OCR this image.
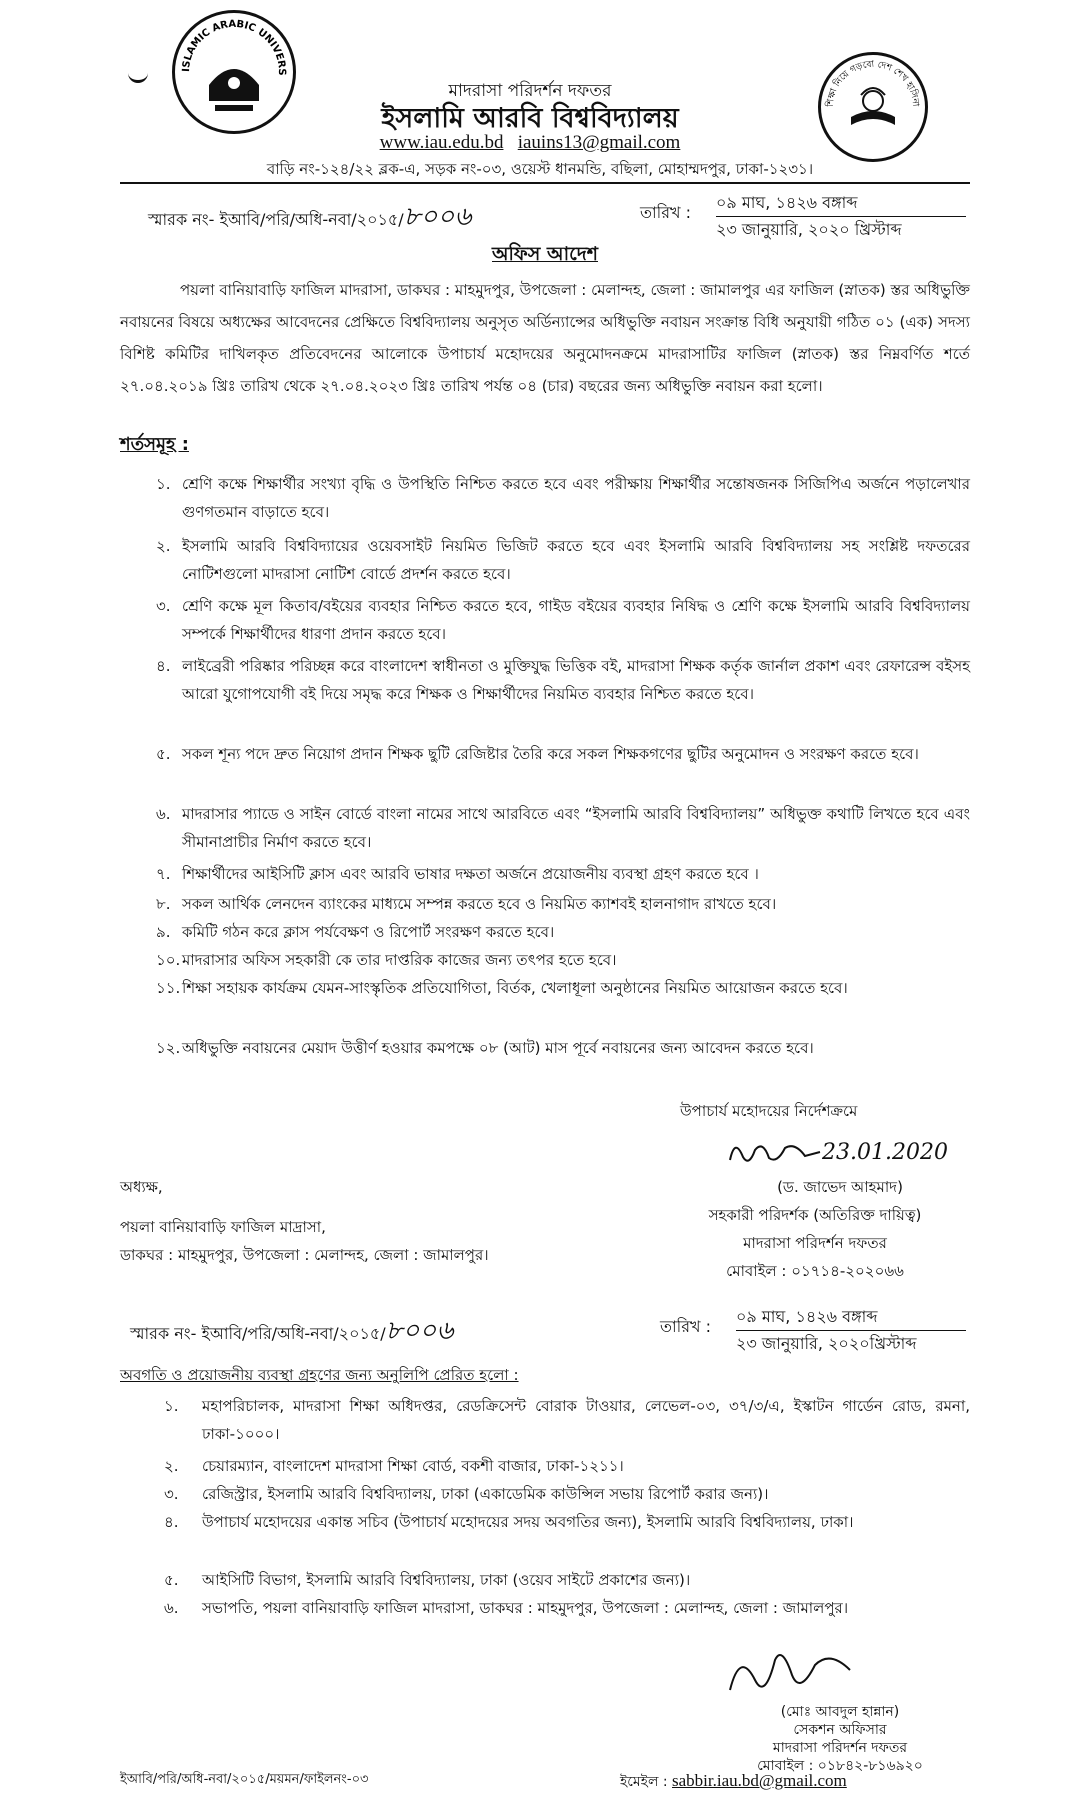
ISLAMIC ARABIC UNIVERS
শিক্ষা নিয়ে গড়বো দেশ শেখ হাসিনা
মাদরাসা পরিদর্শন দফতর
ইসলামি আরবি বিশ্ববিদ্যালয়
www.iau.edu.bd iauins13@gmail.com
বাড়ি নং-১২৪/২২ ব্লক-এ, সড়ক নং-০৩, ওয়েস্ট ধানমন্ডি, বছিলা, মোহাম্মদপুর, ঢাকা-১২৩১।
স্মারক নং- ইআবি/পরি/অধি-নবা/২০১৫/৮০০৬	তারিখ :
০৯ মাঘ, ১৪২৬ বঙ্গাব্দ
২৩ জানুয়ারি, ২০২০ খ্রিস্টাব্দ
অফিস আদেশ
পয়লা বানিয়াবাড়ি ফাজিল মাদরাসা, ডাকঘর : মাহমুদপুর, উপজেলা : মেলান্দহ, জেলা : জামালপুর এর ফাজিল (স্নাতক) স্তর অধিভুক্তি নবায়নের বিষয়ে অধ্যক্ষের আবেদনের প্রেক্ষিতে বিশ্ববিদ্যালয় অনুসৃত অর্ডিন্যান্সের অধিভুক্তি নবায়ন সংক্রান্ত বিধি অনুযায়ী গঠিত ০১ (এক) সদস্য বিশিষ্ট কমিটির দাখিলকৃত প্রতিবেদনের আলোকে উপাচার্য মহোদয়ের অনুমোদনক্রমে মাদরাসাটির ফাজিল (স্নাতক) স্তর নিম্নবর্ণিত শর্তে ২৭.০৪.২০১৯ খ্রিঃ তারিখ থেকে ২৭.০৪.২০২৩ খ্রিঃ তারিখ পর্যন্ত ০৪ (চার) বছরের জন্য অধিভুক্তি নবায়ন করা হলো।
শর্তসমূহ :
১. শ্রেণি কক্ষে শিক্ষার্থীর সংখ্যা বৃদ্ধি ও উপস্থিতি নিশ্চিত করতে হবে এবং পরীক্ষায় শিক্ষার্থীর সন্তোষজনক সিজিপিএ অর্জনে পড়ালেখার গুণগতমান বাড়াতে হবে।
২. ইসলামি আরবি বিশ্ববিদ্যায়ের ওয়েবসাইট নিয়মিত ভিজিট করতে হবে এবং ইসলামি আরবি বিশ্ববিদ্যালয় সহ সংশ্লিষ্ট দফতরের নোটিশগুলো মাদরাসা নোটিশ বোর্ডে প্রদর্শন করতে হবে।
৩. শ্রেণি কক্ষে মূল কিতাব/বইয়ের ব্যবহার নিশ্চিত করতে হবে, গাইড বইয়ের ব্যবহার নিষিদ্ধ ও শ্রেণি কক্ষে ইসলামি আরবি বিশ্ববিদ্যালয় সম্পর্কে শিক্ষার্থীদের ধারণা প্রদান করতে হবে।
৪. লাইব্রেরী পরিষ্কার পরিচ্ছন্ন করে বাংলাদেশ স্বাধীনতা ও মুক্তিযুদ্ধ ভিত্তিক বই, মাদরাসা শিক্ষক কর্তৃক জার্নাল প্রকাশ এবং রেফারেন্স বইসহ আরো যুগোপযোগী বই দিয়ে সমৃদ্ধ করে শিক্ষক ও শিক্ষার্থীদের নিয়মিত ব্যবহার নিশ্চিত করতে হবে।
৫. সকল শূন্য পদে দ্রুত নিয়োগ প্রদান শিক্ষক ছুটি রেজিষ্টার তৈরি করে সকল শিক্ষকগণের ছুটির অনুমোদন ও সংরক্ষণ করতে হবে।
৬. মাদরাসার প্যাডে ও সাইন বোর্ডে বাংলা নামের সাথে আরবিতে এবং “ইসলামি আরবি বিশ্ববিদ্যালয়” অধিভুক্ত কথাটি লিখতে হবে এবং সীমানাপ্রাচীর নির্মাণ করতে হবে।
৭. শিক্ষার্থীদের আইসিটি ক্লাস এবং আরবি ভাষার দক্ষতা অর্জনে প্রয়োজনীয় ব্যবস্থা গ্রহণ করতে হবে ।
৮. সকল আর্থিক লেনদেন ব্যাংকের মাধ্যমে সম্পন্ন করতে হবে ও নিয়মিত ক্যাশবই হালনাগাদ রাখতে হবে।
৯. কমিটি গঠন করে ক্লাস পর্যবেক্ষণ ও রিপোর্ট সংরক্ষণ করতে হবে।
১০. মাদরাসার অফিস সহকারী কে তার দাপ্তরিক কাজের জন্য তৎপর হতে হবে।
১১. শিক্ষা সহায়ক কার্যক্রম যেমন-সাংস্কৃতিক প্রতিযোগিতা, বির্তক, খেলাধূলা অনুষ্ঠানের নিয়মিত আয়োজন করতে হবে।
১২. অধিভুক্তি নবায়নের মেয়াদ উত্তীর্ণ হওয়ার কমপক্ষে ০৮ (আট) মাস পূর্বে নবায়নের জন্য আবেদন করতে হবে।
উপাচার্য মহোদয়ের নির্দেশক্রমে
23.01.2020
(ড. জাভেদ আহমাদ)
সহকারী পরিদর্শক (অতিরিক্ত দায়িত্ব)
মাদরাসা পরিদর্শন দফতর
মোবাইল : ০১৭১৪-২০২০৬৬
অধ্যক্ষ,
পয়লা বানিয়াবাড়ি ফাজিল মাদ্রাসা,
ডাকঘর : মাহমুদপুর, উপজেলা : মেলান্দহ, জেলা : জামালপুর।
স্মারক নং- ইআবি/পরি/অধি-নবা/২০১৫/৮০০৬	তারিখ :
০৯ মাঘ, ১৪২৬ বঙ্গাব্দ
২৩ জানুয়ারি, ২০২০খ্রিস্টাব্দ
অবগতি ও প্রয়োজনীয় ব্যবস্থা গ্রহণের জন্য অনুলিপি প্রেরিত হলো :
১.	মহাপরিচালক, মাদরাসা শিক্ষা অধিদপ্তর, রেডক্রিসেন্ট বোরাক টাওয়ার, লেভেল-০৩, ৩৭/৩/এ, ইস্কাটন গার্ডেন রোড, রমনা, ঢাকা-১০০০।
২.	চেয়ারম্যান, বাংলাদেশ মাদরাসা শিক্ষা বোর্ড, বকশী বাজার, ঢাকা-১২১১।
৩.	রেজিস্ট্রার, ইসলামি আরবি বিশ্ববিদ্যালয়, ঢাকা (একাডেমিক কাউন্সিল সভায় রিপোর্ট করার জন্য)।
৪.	উপাচার্য মহোদয়ের একান্ত সচিব (উপাচার্য মহোদয়ের সদয় অবগতির জন্য), ইসলামি আরবি বিশ্ববিদ্যালয়, ঢাকা।
৫.	আইসিটি বিভাগ, ইসলামি আরবি বিশ্ববিদ্যালয়, ঢাকা (ওয়েব সাইটে প্রকাশের জন্য)।
৬.	সভাপতি, পয়লা বানিয়াবাড়ি ফাজিল মাদরাসা, ডাকঘর : মাহমুদপুর, উপজেলা : মেলান্দহ, জেলা : জামালপুর।
(মোঃ আবদুল হান্নান)
সেকশন অফিসার
মাদরাসা পরিদর্শন দফতর
মোবাইল : ০১৮৪২-৮১৬৯২০
ইমেইল : sabbir.iau.bd@gmail.com
ইআবি/পরি/অধি-নবা/২০১৫/ময়মন/ফাইলনং-০৩
